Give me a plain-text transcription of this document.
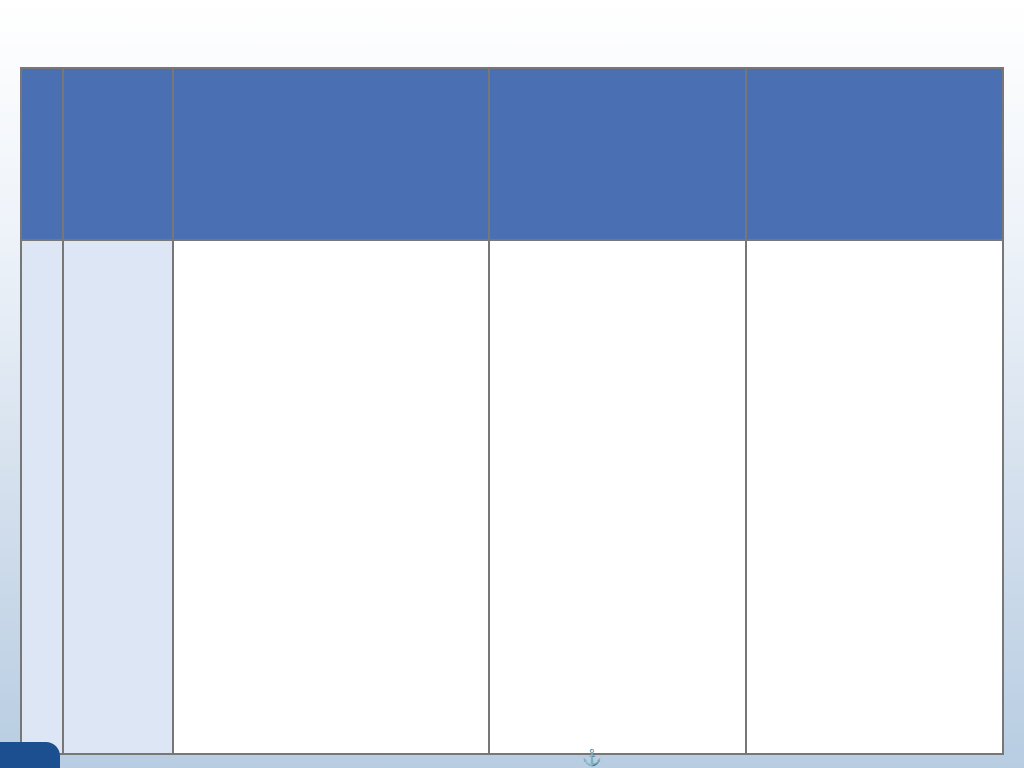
⚓
